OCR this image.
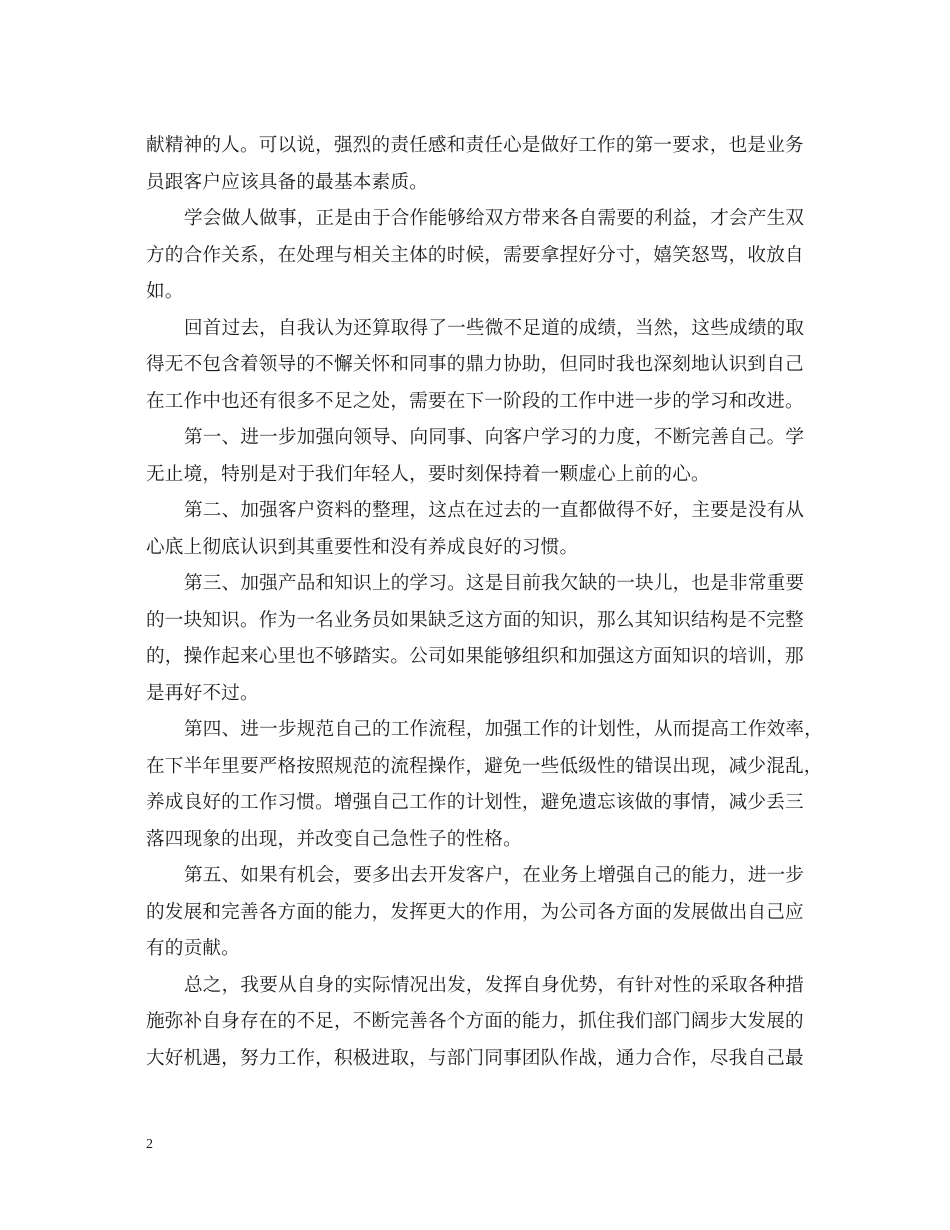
献精神的人。可以说，强烈的责任感和责任心是做好工作的第一要求，也是业务
员跟客户应该具备的最基本素质。
学会做人做事，正是由于合作能够给双方带来各自需要的利益，才会产生双
方的合作关系，在处理与相关主体的时候，需要拿捏好分寸，嬉笑怒骂，收放自
如。
回首过去，自我认为还算取得了一些微不足道的成绩，当然，这些成绩的取
得无不包含着领导的不懈关怀和同事的鼎力协助，但同时我也深刻地认识到自己
在工作中也还有很多不足之处，需要在下一阶段的工作中进一步的学习和改进。
第一、进一步加强向领导、向同事、向客户学习的力度，不断完善自己。学
无止境，特别是对于我们年轻人，要时刻保持着一颗虚心上前的心。
第二、加强客户资料的整理，这点在过去的一直都做得不好，主要是没有从
心底上彻底认识到其重要性和没有养成良好的习惯。
第三、加强产品和知识上的学习。这是目前我欠缺的一块儿，也是非常重要
的一块知识。作为一名业务员如果缺乏这方面的知识，那么其知识结构是不完整
的，操作起来心里也不够踏实。公司如果能够组织和加强这方面知识的培训，那
是再好不过。
第四、进一步规范自己的工作流程，加强工作的计划性，从而提高工作效率，
在下半年里要严格按照规范的流程操作，避免一些低级性的错误出现，减少混乱，
养成良好的工作习惯。增强自己工作的计划性，避免遗忘该做的事情，减少丢三
落四现象的出现，并改变自己急性子的性格。
第五、如果有机会，要多出去开发客户，在业务上增强自己的能力，进一步
的发展和完善各方面的能力，发挥更大的作用，为公司各方面的发展做出自己应
有的贡献。
总之，我要从自身的实际情况出发，发挥自身优势，有针对性的采取各种措
施弥补自身存在的不足，不断完善各个方面的能力，抓住我们部门阔步大发展的
大好机遇，努力工作，积极进取，与部门同事团队作战，通力合作，尽我自己最
2
